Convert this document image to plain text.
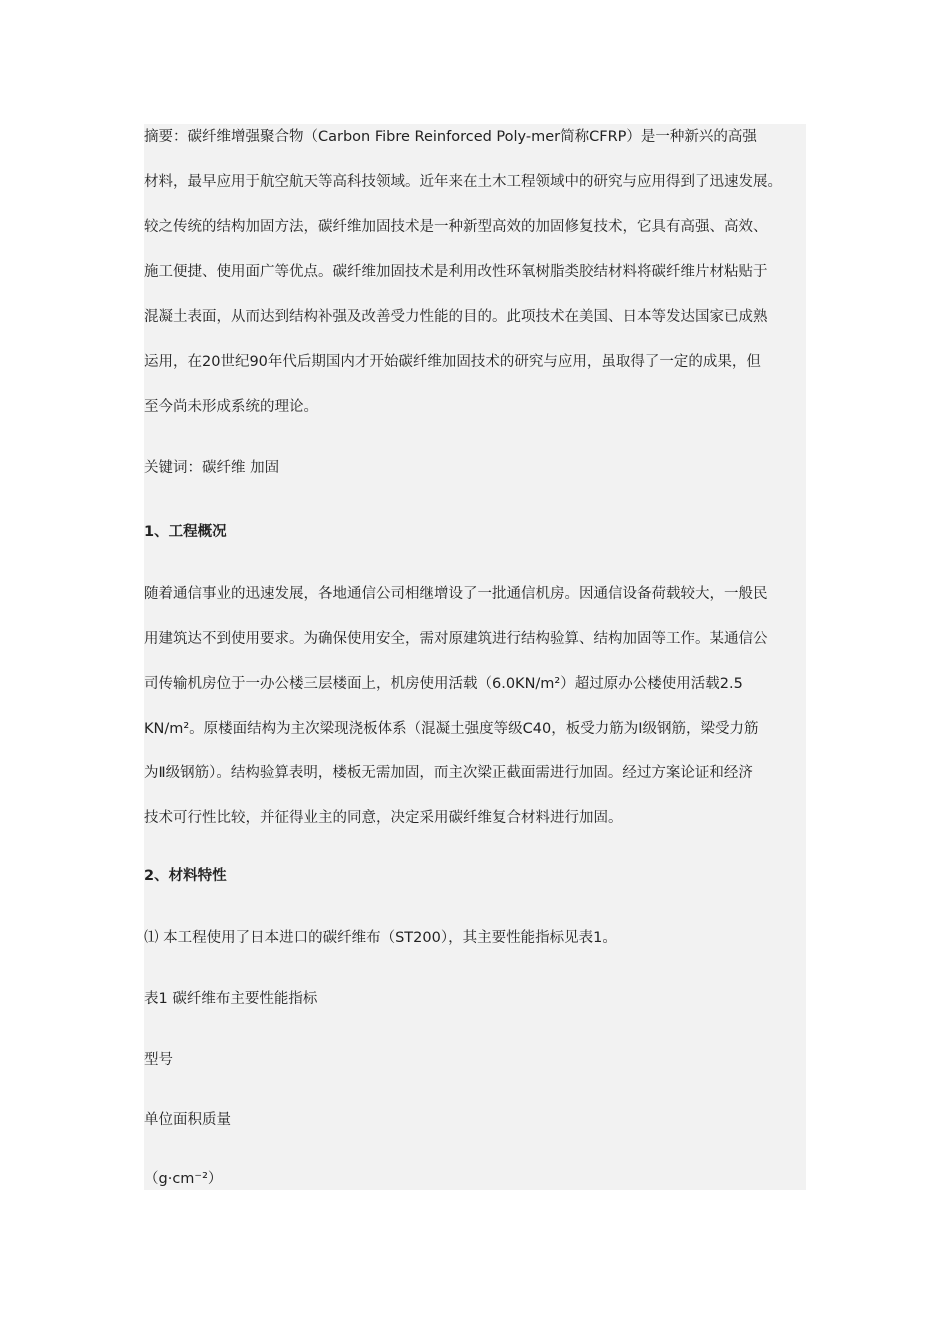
摘要：碳纤维增强聚合物（Carbon Fibre Reinforced Poly-mer简称CFRP）是一种新兴的高强

材料，最早应用于航空航天等高科技领域。近年来在土木工程领域中的研究与应用得到了迅速发展。

较之传统的结构加固方法，碳纤维加固技术是一种新型高效的加固修复技术，它具有高强、高效、

施工便捷、使用面广等优点。碳纤维加固技术是利用改性环氧树脂类胶结材料将碳纤维片材粘贴于

混凝土表面，从而达到结构补强及改善受力性能的目的。此项技术在美国、日本等发达国家已成熟

运用，在20世纪90年代后期国内才开始碳纤维加固技术的研究与应用，虽取得了一定的成果，但

至今尚未形成系统的理论。

关键词：碳纤维 加固

1、工程概况

随着通信事业的迅速发展，各地通信公司相继增设了一批通信机房。因通信设备荷载较大，一般民

用建筑达不到使用要求。为确保使用安全，需对原建筑进行结构验算、结构加固等工作。某通信公

司传输机房位于一办公楼三层楼面上，机房使用活载（6.0KN/m²）超过原办公楼使用活载2.5

KN/m²。原楼面结构为主次梁现浇板体系（混凝土强度等级C40，板受力筋为Ⅰ级钢筋，梁受力筋

为Ⅱ级钢筋）。结构验算表明，楼板无需加固，而主次梁正截面需进行加固。经过方案论证和经济

技术可行性比较，并征得业主的同意，决定采用碳纤维复合材料进行加固。

2、材料特性

⑴ 本工程使用了日本进口的碳纤维布（ST200），其主要性能指标见表1。

表1 碳纤维布主要性能指标

型号

单位面积质量

（g·cm⁻²）
